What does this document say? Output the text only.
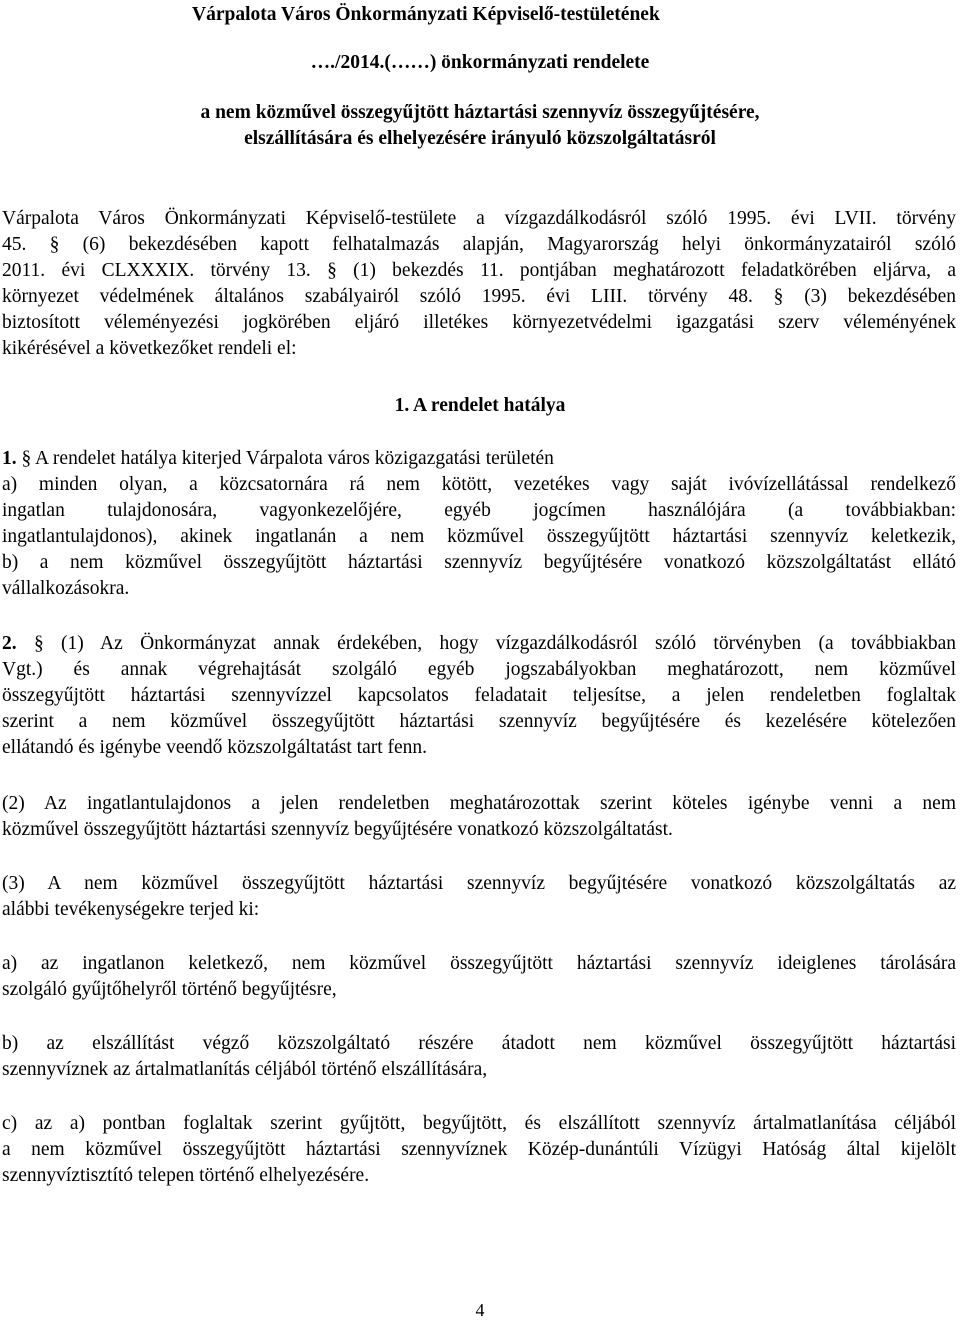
Várpalota Város Önkormányzati Képviselő-testületének
…./2014.(……) önkormányzati rendelete
a nem közművel összegyűjtött háztartási szennyvíz összegyűjtésére,
elszállítására és elhelyezésére irányuló közszolgáltatásról
Várpalota Város Önkormányzati Képviselő-testülete a vízgazdálkodásról szóló 1995. évi LVII. törvény
45. § (6) bekezdésében kapott felhatalmazás alapján, Magyarország helyi önkormányzatairól szóló
2011. évi CLXXXIX. törvény 13. § (1) bekezdés 11. pontjában meghatározott feladatkörében eljárva, a
környezet védelmének általános szabályairól szóló 1995. évi LIII. törvény 48. § (3) bekezdésében
biztosított véleményezési jogkörében eljáró illetékes környezetvédelmi igazgatási szerv véleményének
kikérésével a következőket rendeli el:
1. A rendelet hatálya
1. § A rendelet hatálya kiterjed Várpalota város közigazgatási területén
a) minden olyan, a közcsatornára rá nem kötött, vezetékes vagy saját ivóvízellátással rendelkező
ingatlan tulajdonosára, vagyonkezelőjére, egyéb jogcímen használójára (a továbbiakban:
ingatlantulajdonos), akinek ingatlanán a nem közművel összegyűjtött háztartási szennyvíz keletkezik,
b) a nem közművel összegyűjtött háztartási szennyvíz begyűjtésére vonatkozó közszolgáltatást ellátó
vállalkozásokra.
2. § (1) Az Önkormányzat annak érdekében, hogy vízgazdálkodásról szóló törvényben (a továbbiakban
Vgt.) és annak végrehajtását szolgáló egyéb jogszabályokban meghatározott, nem közművel
összegyűjtött háztartási szennyvízzel kapcsolatos feladatait teljesítse, a jelen rendeletben foglaltak
szerint a nem közművel összegyűjtött háztartási szennyvíz begyűjtésére és kezelésére kötelezően
ellátandó és igénybe veendő közszolgáltatást tart fenn.
(2) Az ingatlantulajdonos a jelen rendeletben meghatározottak szerint köteles igénybe venni a nem
közművel összegyűjtött háztartási szennyvíz begyűjtésére vonatkozó közszolgáltatást.
(3) A nem közművel összegyűjtött háztartási szennyvíz begyűjtésére vonatkozó közszolgáltatás az
alábbi tevékenységekre terjed ki:
a) az ingatlanon keletkező, nem közművel összegyűjtött háztartási szennyvíz ideiglenes tárolására
szolgáló gyűjtőhelyről történő begyűjtésre,
b) az elszállítást végző közszolgáltató részére átadott nem közművel összegyűjtött háztartási
szennyvíznek az ártalmatlanítás céljából történő elszállítására,
c) az a) pontban foglaltak szerint gyűjtött, begyűjtött, és elszállított szennyvíz ártalmatlanítása céljából
a nem közművel összegyűjtött háztartási szennyvíznek Közép-dunántúli Vízügyi Hatóság által kijelölt
szennyvíztisztító telepen történő elhelyezésére.
4
